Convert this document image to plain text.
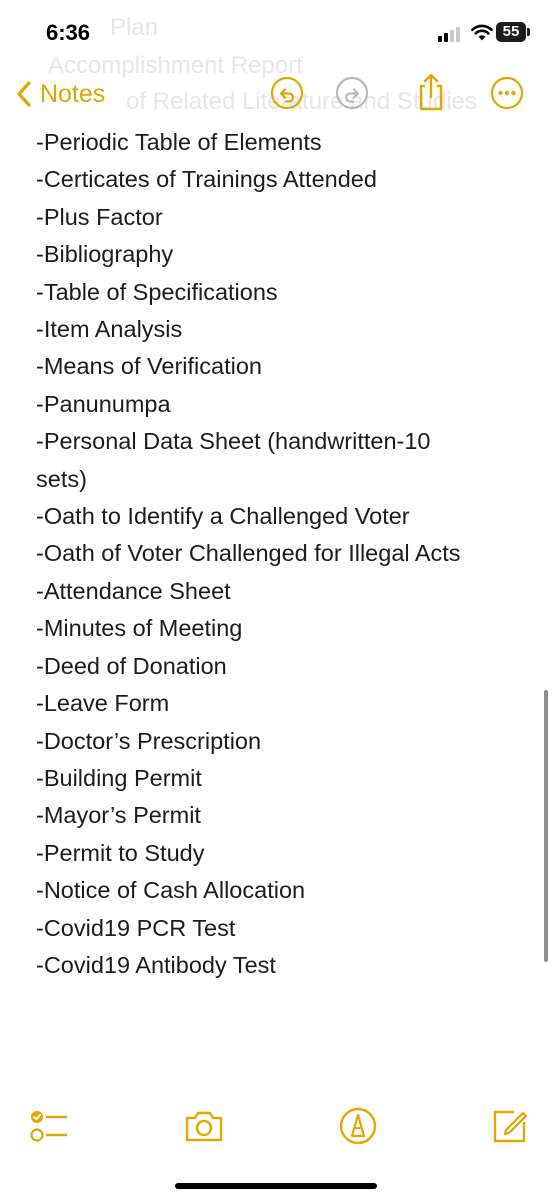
6:36	55
Plan
Accomplishment Report
of Related Literature and Studies
Notes
-Periodic Table of Elements
-Certicates of Trainings Attended
-Plus Factor
-Bibliography
-Table of Specifications
-Item Analysis
-Means of Verification
-Panunumpa
-Personal Data Sheet (handwritten-10
sets)
-Oath to Identify a Challenged Voter
-Oath of Voter Challenged for Illegal Acts
-Attendance Sheet
-Minutes of Meeting
-Deed of Donation
-Leave Form
-Doctor’s Prescription
-Building Permit
-Mayor’s Permit
-Permit to Study
-Notice of Cash Allocation
-Covid19 PCR Test
-Covid19 Antibody Test
